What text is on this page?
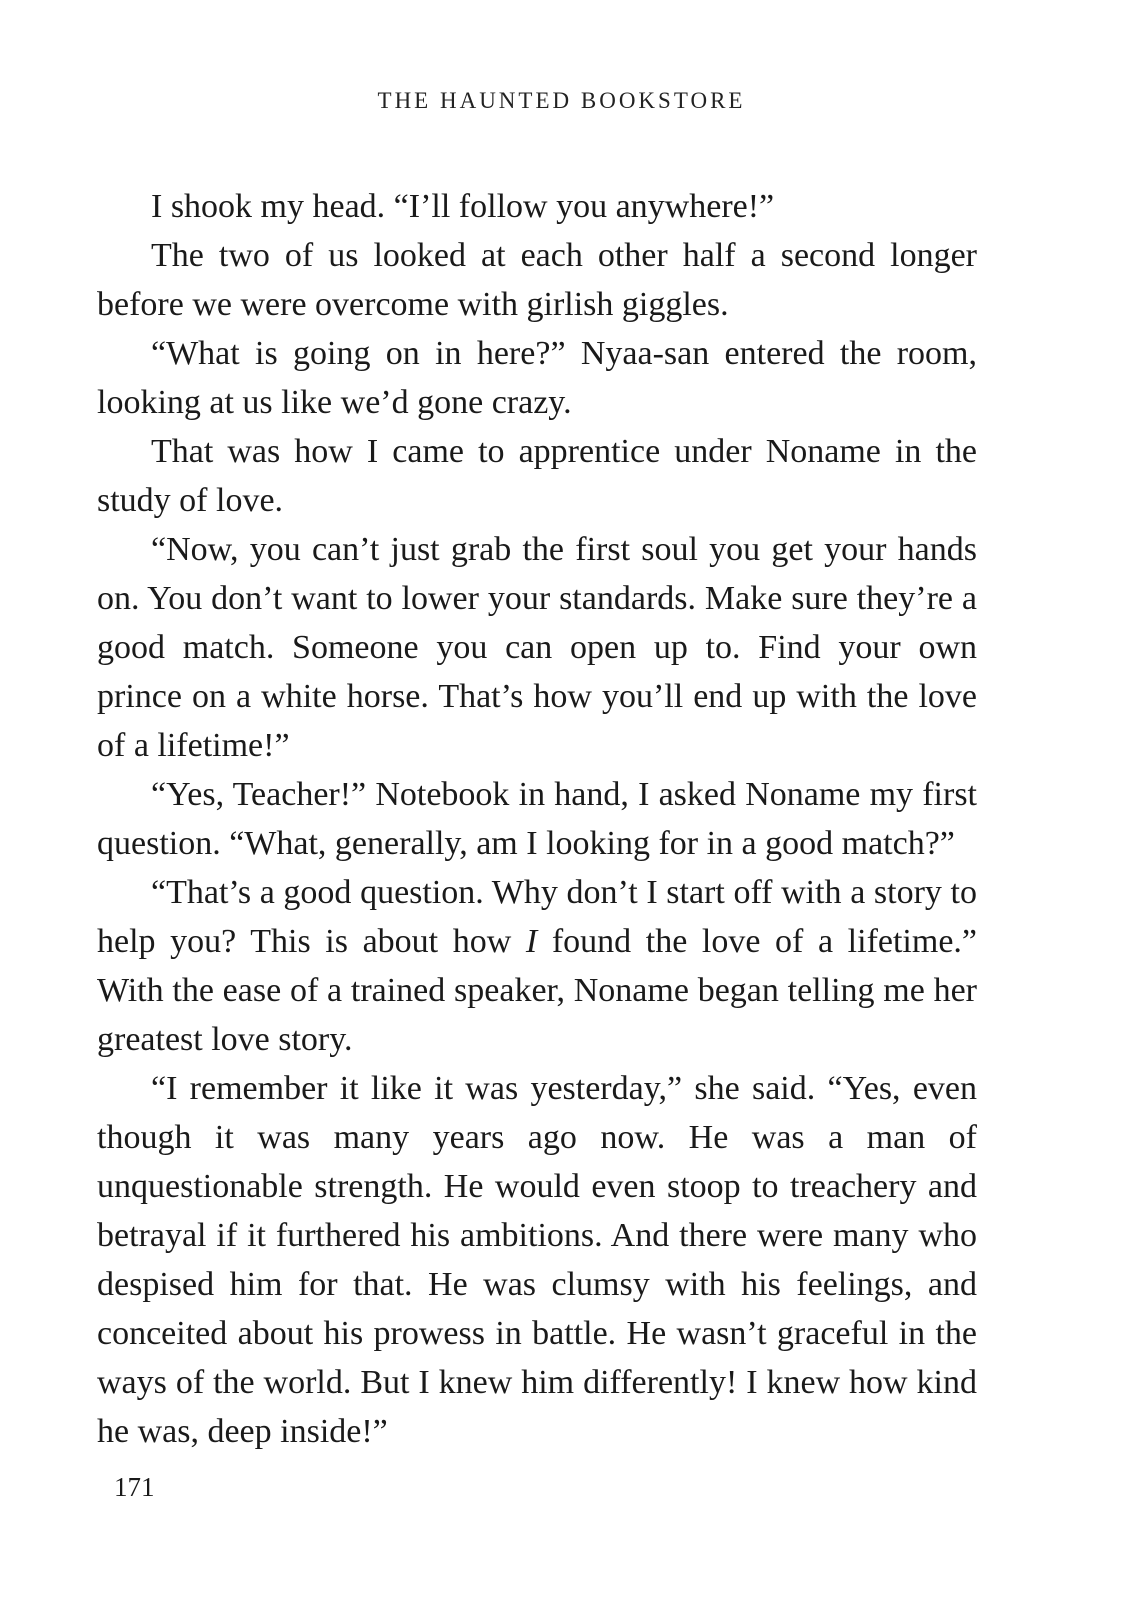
THE HAUNTED BOOKSTORE

I shook my head. “I’ll follow you anywhere!”

The two of us looked at each other half a second longer before we were overcome with girlish giggles.

“What is going on in here?” Nyaa-san entered the room, looking at us like we’d gone crazy.

That was how I came to apprentice under Noname in the study of love.

“Now, you can’t just grab the first soul you get your hands on. You don’t want to lower your standards. Make sure they’re a good match. Someone you can open up to. Find your own prince on a white horse. That’s how you’ll end up with the love of a lifetime!”

“Yes, Teacher!” Notebook in hand, I asked Noname my first question. “What, generally, am I looking for in a good match?”

“That’s a good question. Why don’t I start off with a story to help you? This is about how I found the love of a lifetime.” With the ease of a trained speaker, Noname began telling me her greatest love story.

“I remember it like it was yesterday,” she said. “Yes, even though it was many years ago now. He was a man of unquestionable strength. He would even stoop to treachery and betrayal if it furthered his ambitions. And there were many who despised him for that. He was clumsy with his feelings, and conceited about his prowess in battle. He wasn’t graceful in the ways of the world. But I knew him differently! I knew how kind he was, deep inside!”

171
